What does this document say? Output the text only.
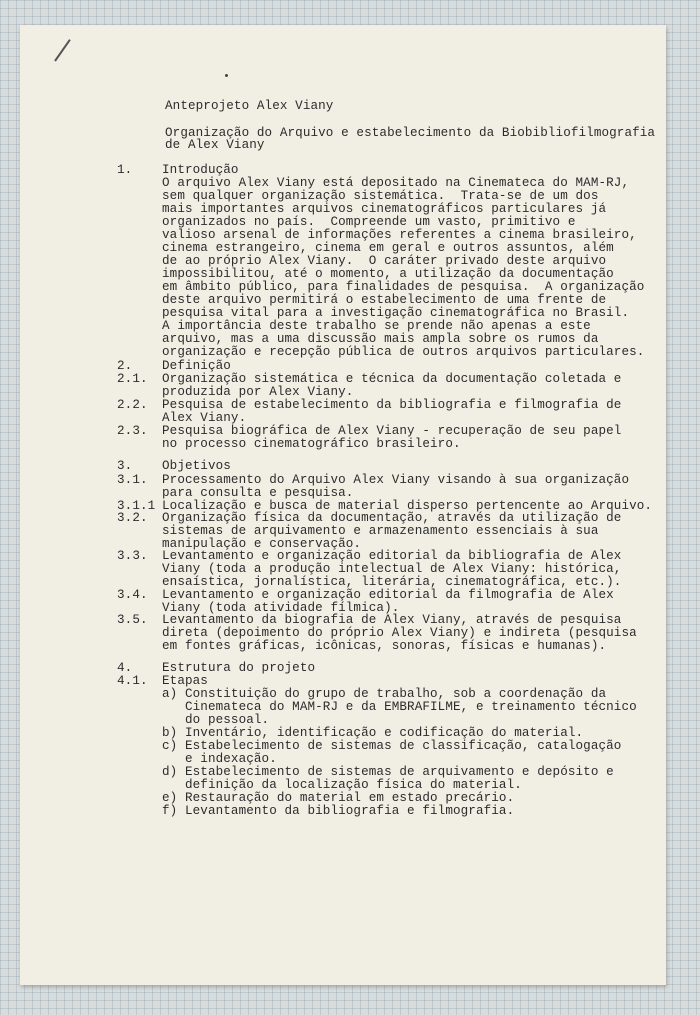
Anteprojeto Alex Viany
Organização do Arquivo e estabelecimento da Biobibliofilmografia
de Alex Viany
1. Introdução
O arquivo Alex Viany está depositado na Cinemateca do MAM-RJ,
sem qualquer organização sistemática.  Trata-se de um dos
mais importantes arquivos cinematográficos particulares já
organizados no país.  Compreende um vasto, primitivo e
valioso arsenal de informações referentes a cinema brasileiro,
cinema estrangeiro, cinema em geral e outros assuntos, além
de ao próprio Alex Viany.  O caráter privado deste arquivo
impossibilitou, até o momento, a utilização da documentação
em âmbito público, para finalidades de pesquisa.  A organização
deste arquivo permitirá o estabelecimento de uma frente de
pesquisa vital para a investigação cinematográfica no Brasil.
A importância deste trabalho se prende não apenas a este
arquivo, mas a uma discussão mais ampla sobre os rumos da
organização e recepção pública de outros arquivos particulares.
2. Definição
2.1. Organização sistemática e técnica da documentação coletada e
produzida por Alex Viany.
2.2. Pesquisa de estabelecimento da bibliografia e filmografia de
Alex Viany.
2.3. Pesquisa biográfica de Alex Viany - recuperação de seu papel
no processo cinematográfico brasileiro.
3. Objetivos
3.1. Processamento do Arquivo Alex Viany visando à sua organização
para consulta e pesquisa.
3.1.1 Localização e busca de material disperso pertencente ao Arquivo.
3.2. Organização física da documentação, através da utilização de
sistemas de arquivamento e armazenamento essenciais à sua
manipulação e conservação.
3.3. Levantamento e organização editorial da bibliografia de Alex
Viany (toda a produção intelectual de Alex Viany: histórica,
ensaística, jornalística, literária, cinematográfica, etc.).
3.4. Levantamento e organização editorial da filmografia de Alex
Viany (toda atividade fílmica).
3.5. Levantamento da biografia de Alex Viany, através de pesquisa
direta (depoimento do próprio Alex Viany) e indireta (pesquisa
em fontes gráficas, icônicas, sonoras, físicas e humanas).
4. Estrutura do projeto
4.1. Etapas
a) Constituição do grupo de trabalho, sob a coordenação da
Cinemateca do MAM-RJ e da EMBRAFILME, e treinamento técnico
do pessoal.
b) Inventário, identificação e codificação do material.
c) Estabelecimento de sistemas de classificação, catalogação
e indexação.
d) Estabelecimento de sistemas de arquivamento e depósito e
definição da localização física do material.
e) Restauração do material em estado precário.
f) Levantamento da bibliografia e filmografia.
